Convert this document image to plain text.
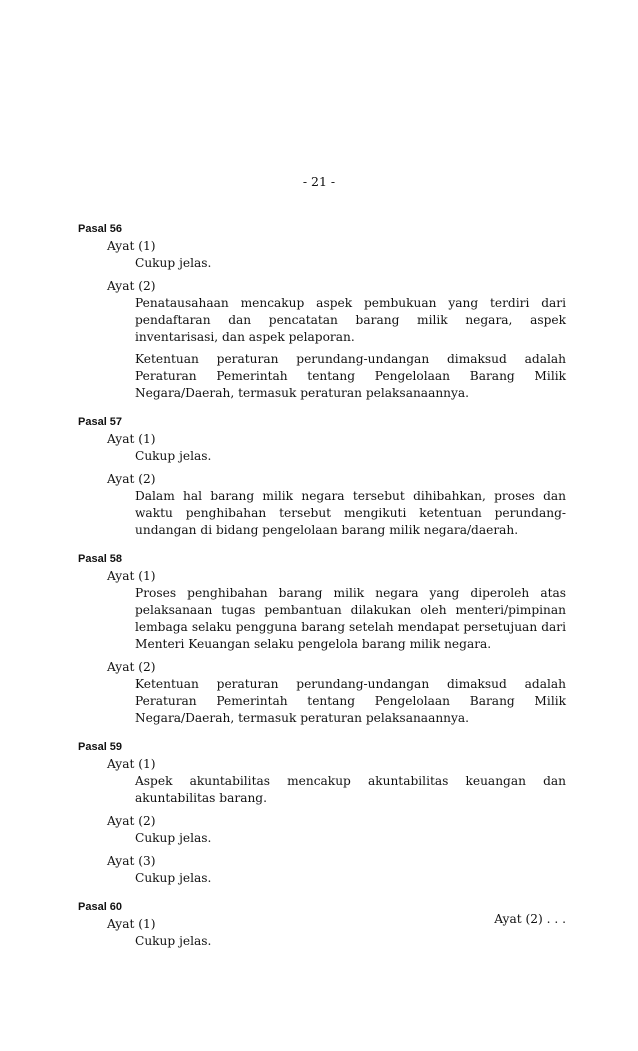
- 21 -
Pasal 56
Ayat (1)
Cukup jelas.
Ayat (2)
Penatausahaan mencakup aspek pembukuan yang terdiri dari pendaftaran dan pencatatan barang milik negara, aspek inventarisasi, dan aspek pelaporan.
Ketentuan peraturan perundang-undangan dimaksud adalah Peraturan Pemerintah tentang Pengelolaan Barang Milik Negara/Daerah, termasuk peraturan pelaksanaannya.
Pasal 57
Ayat (1)
Cukup jelas.
Ayat (2)
Dalam hal barang milik negara tersebut dihibahkan, proses dan waktu penghibahan tersebut mengikuti ketentuan perundang-undangan di bidang pengelolaan barang milik negara/daerah.
Pasal 58
Ayat (1)
Proses penghibahan barang milik negara yang diperoleh atas pelaksanaan tugas pembantuan dilakukan oleh menteri/pimpinan lembaga selaku pengguna barang setelah mendapat persetujuan dari Menteri Keuangan selaku pengelola barang milik negara.
Ayat (2)
Ketentuan peraturan perundang-undangan dimaksud adalah Peraturan Pemerintah tentang Pengelolaan Barang Milik Negara/Daerah, termasuk peraturan pelaksanaannya.
Pasal 59
Ayat (1)
Aspek akuntabilitas mencakup akuntabilitas keuangan dan akuntabilitas barang.
Ayat (2)
Cukup jelas.
Ayat (3)
Cukup jelas.
Pasal 60
Ayat (1)
Cukup jelas.
Ayat (2) . . .
